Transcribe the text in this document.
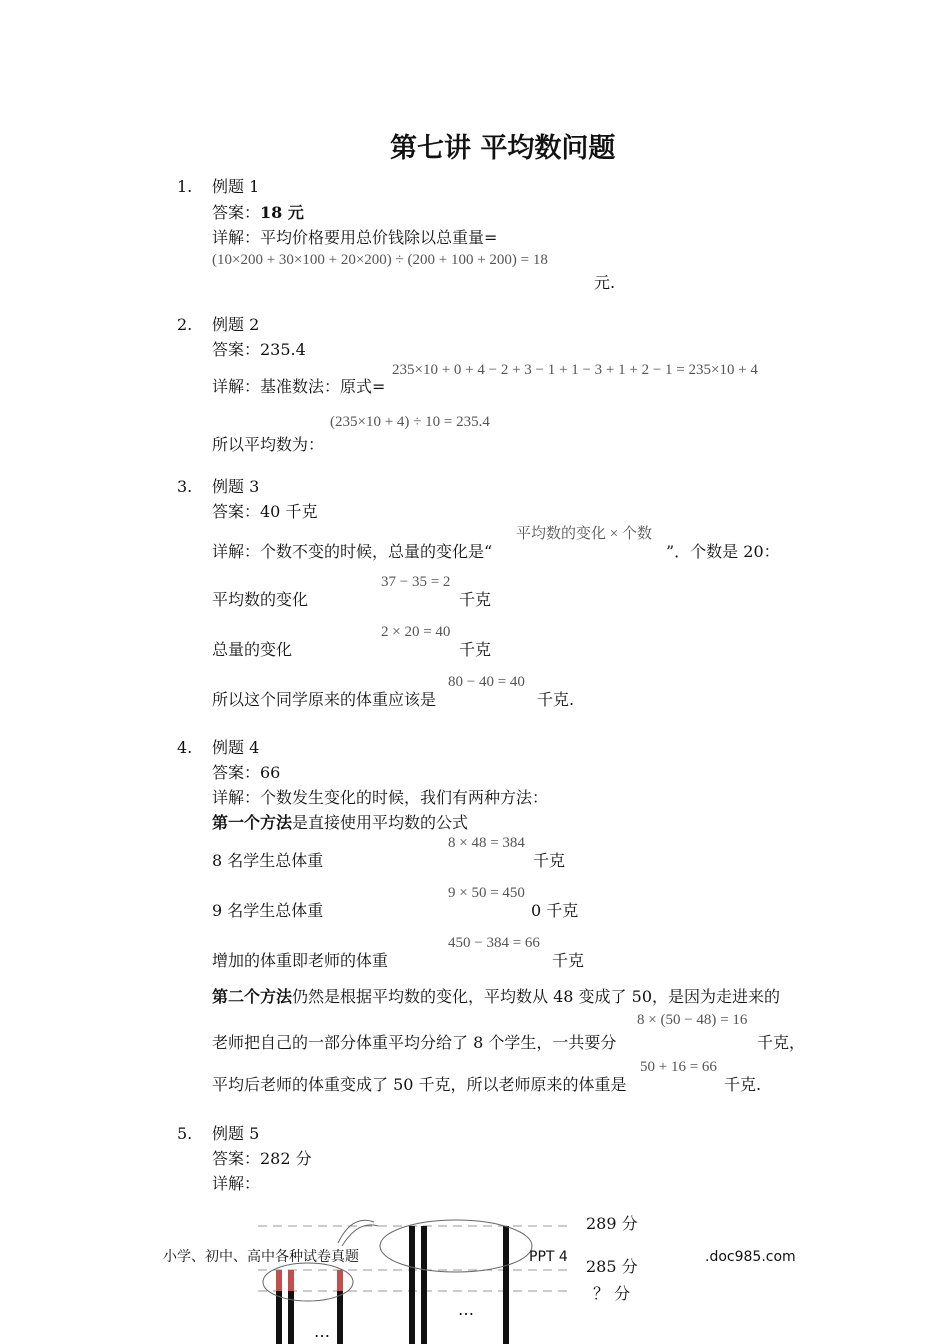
第七讲 平均数问题
1. 例题 1
答案：18 元
详解：平均价格要用总价钱除以总重量=
(10×200 + 30×100 + 20×200) ÷ (200 + 100 + 200) = 18
元.
2. 例题 2
答案：235.4
235×10 + 0 + 4 − 2 + 3 − 1 + 1 − 3 + 1 + 2 − 1 = 235×10 + 4
详解：基准数法：原式=
(235×10 + 4) ÷ 10 = 235.4
所以平均数为：
3. 例题 3
答案：40 千克
平均数的变化 × 个数
详解：个数不变的时候，总量的变化是“	”．个数是 20：
37 − 35 = 2
平均数的变化	千克
2 × 20 = 40
总量的变化	千克
80 − 40 = 40
所以这个同学原来的体重应该是	千克.
4. 例题 4
答案：66
详解：个数发生变化的时候，我们有两种方法：
第一个方法是直接使用平均数的公式
8 × 48 = 384
8 名学生总体重	千克
9 × 50 = 450
9 名学生总体重	0 千克
450 − 384 = 66
增加的体重即老师的体重	千克
第二个方法仍然是根据平均数的变化，平均数从 48 变成了 50，是因为走进来的
8 × (50 − 48) = 16
老师把自己的一部分体重平均分给了 8 个学生，一共要分	千克，
50 + 16 = 66
平均后老师的体重变成了 50 千克，所以老师原来的体重是	千克.
5. 例题 5
答案：282 分
详解：
289 分
285 分
？ 分
…
…
小学、初中、高中各种试卷真题	PPT 4	.doc985.com
